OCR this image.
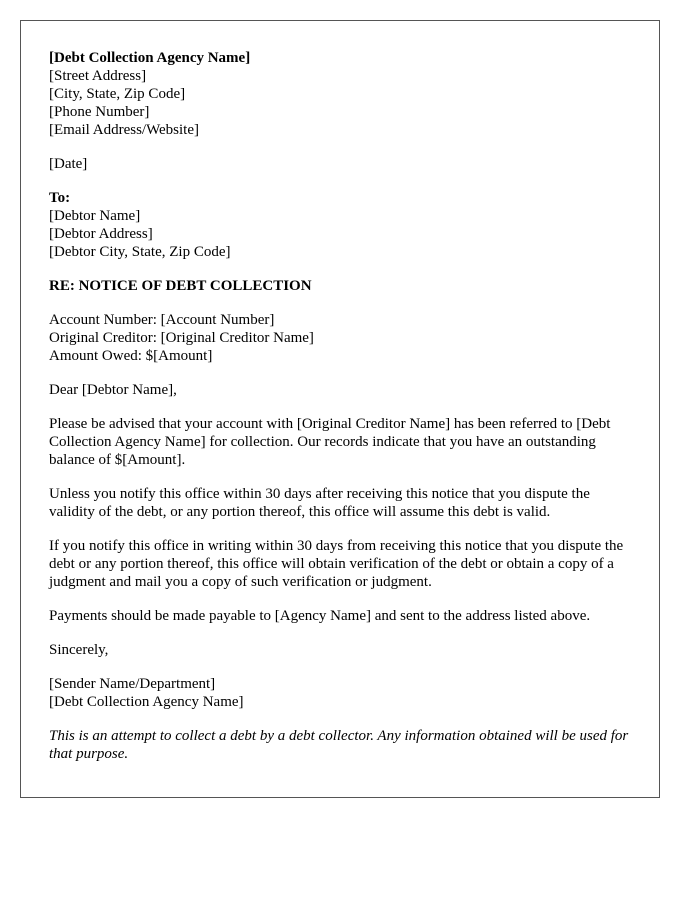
[Debt Collection Agency Name]
[Street Address]
[City, State, Zip Code]
[Phone Number]
[Email Address/Website]
[Date]
To:
[Debtor Name]
[Debtor Address]
[Debtor City, State, Zip Code]
RE: NOTICE OF DEBT COLLECTION
Account Number: [Account Number]
Original Creditor: [Original Creditor Name]
Amount Owed: $[Amount]

Dear [Debtor Name],

Please be advised that your account with [Original Creditor Name] has been referred to [Debt Collection Agency Name] for collection. Our records indicate that you have an outstanding balance of $[Amount].

Unless you notify this office within 30 days after receiving this notice that you dispute the validity of the debt, or any portion thereof, this office will assume this debt is valid.

If you notify this office in writing within 30 days from receiving this notice that you dispute the debt or any portion thereof, this office will obtain verification of the debt or obtain a copy of a judgment and mail you a copy of such verification or judgment.

Payments should be made payable to [Agency Name] and sent to the address listed above.

Sincerely,

[Sender Name/Department]
[Debt Collection Agency Name]

This is an attempt to collect a debt by a debt collector. Any information obtained will be used for that purpose.
